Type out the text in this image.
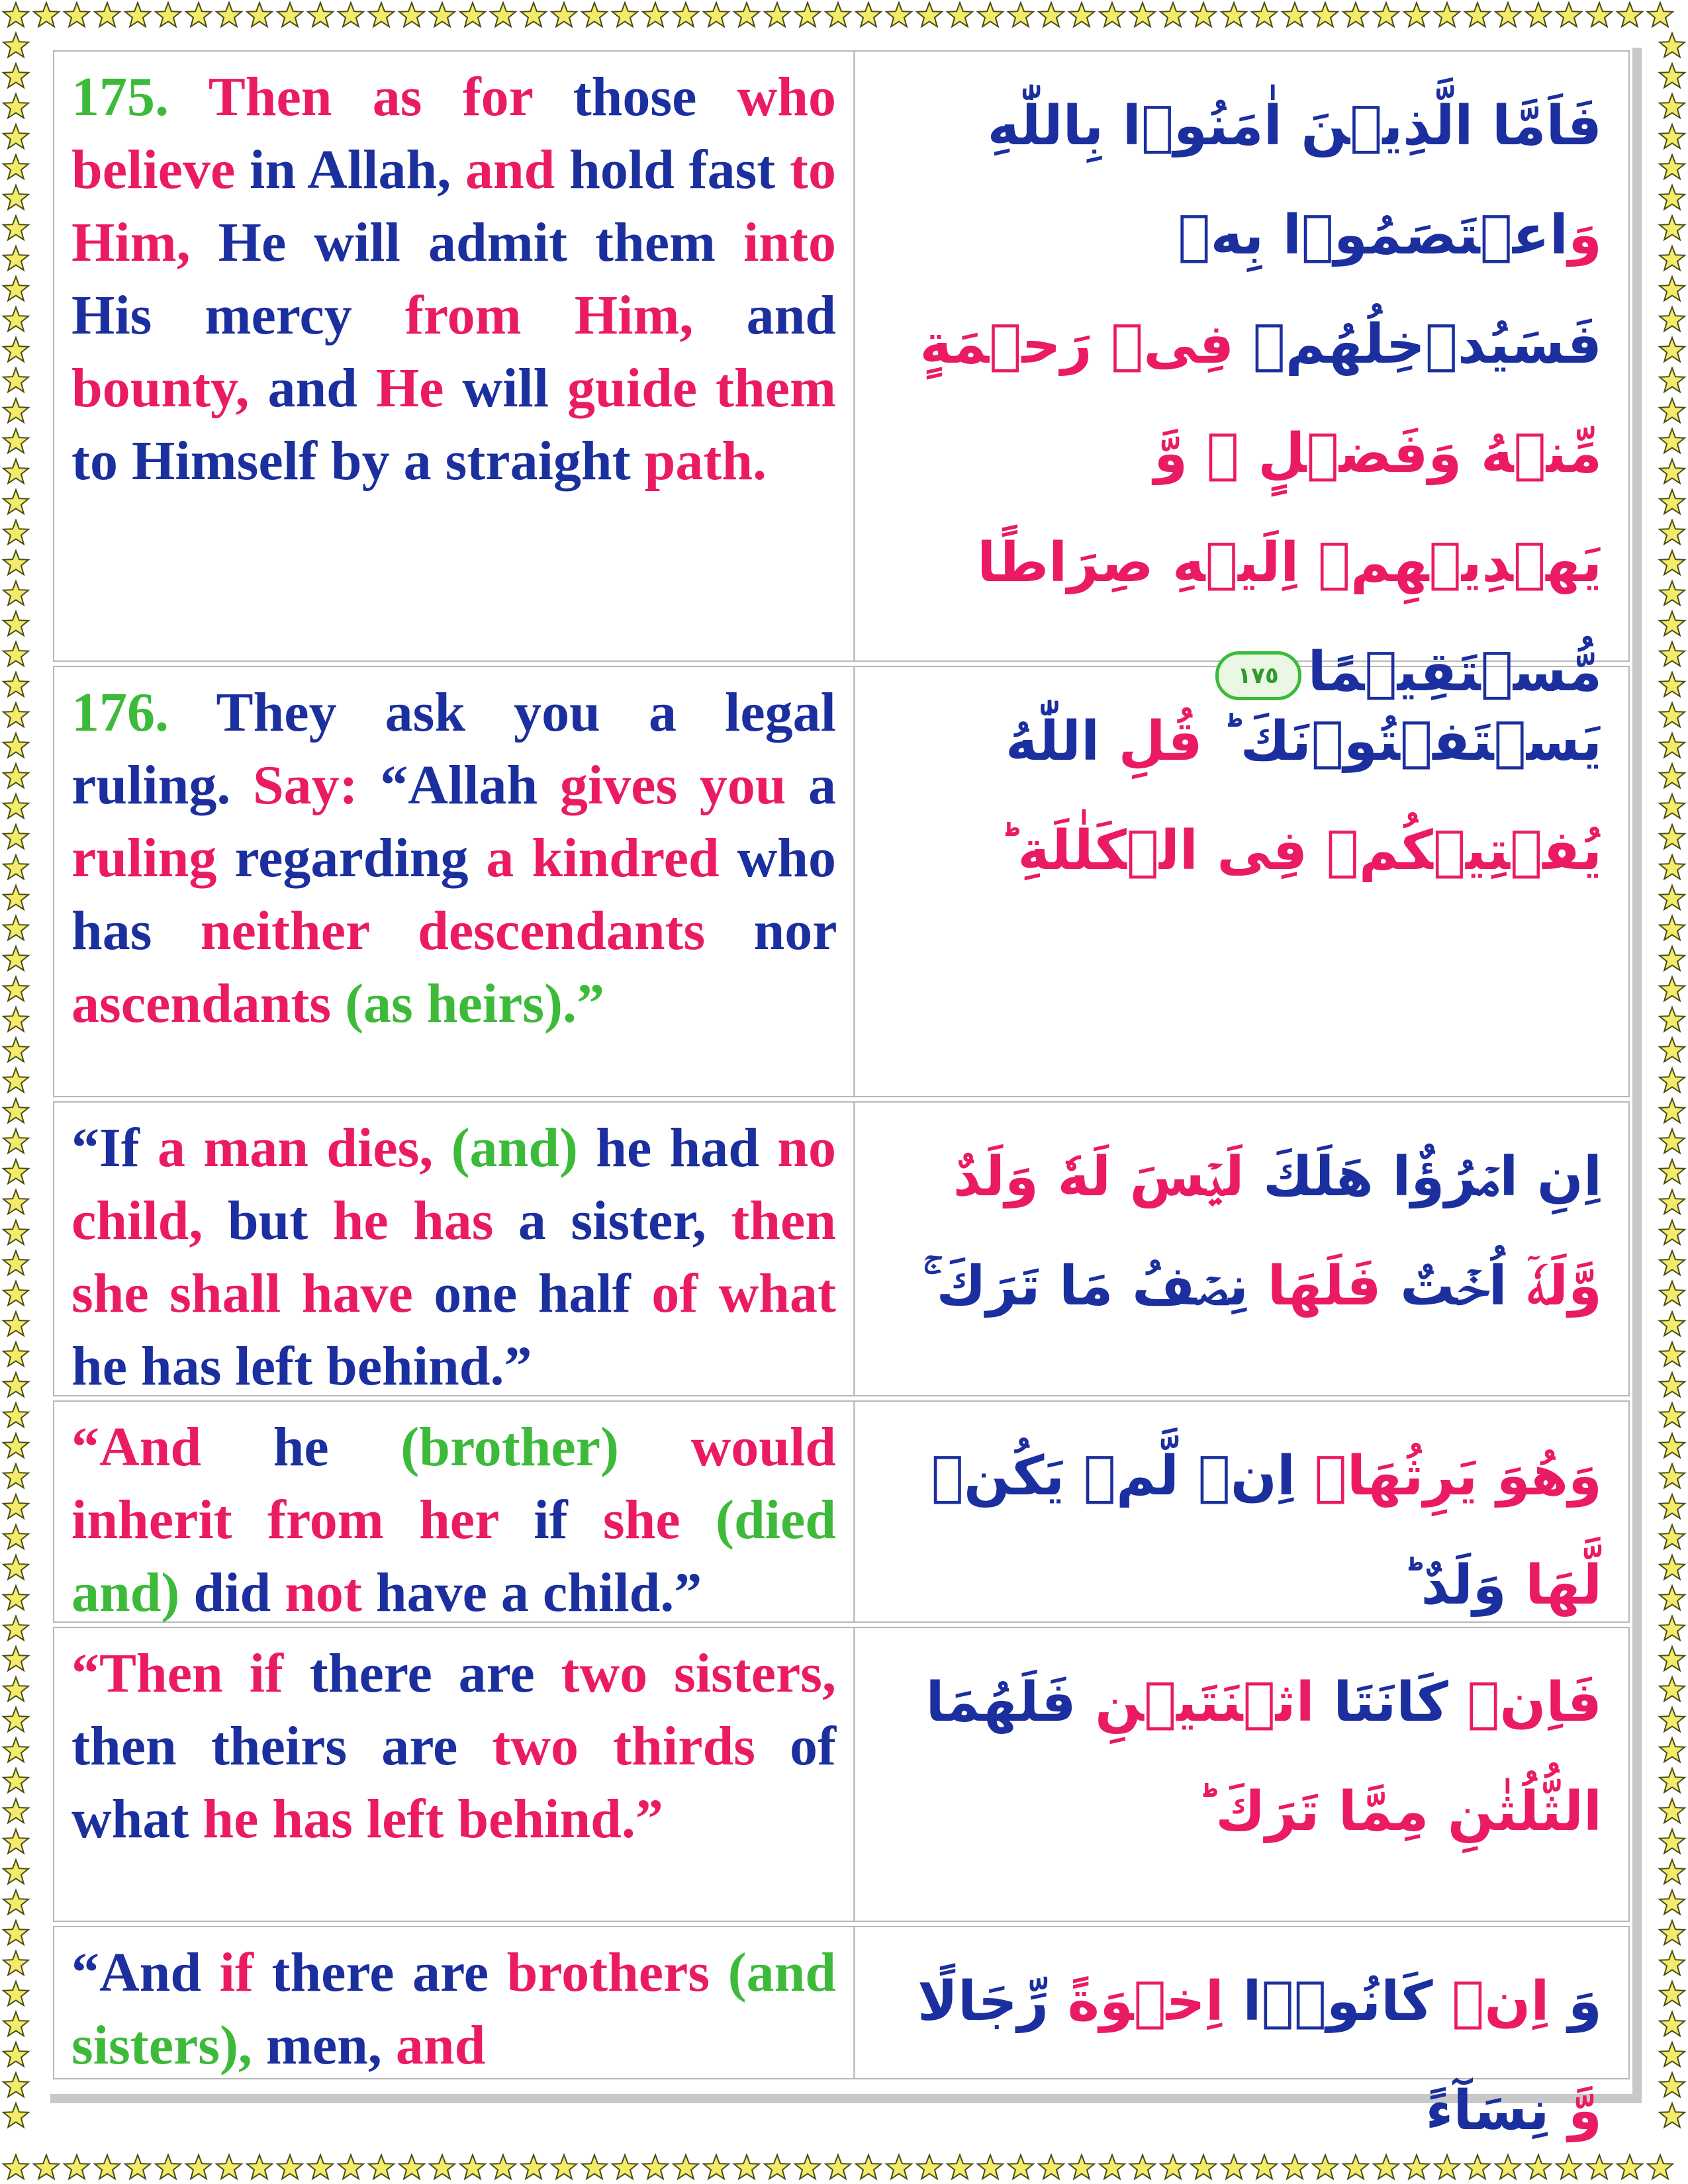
175. Then as for those who believe in Allah, and hold fast to Him, He will admit them into His mercy from Him, and bounty, and He will guide them to Himself by a straight path.
فَاَمَّا الَّذِيۡنَ اٰمَنُوۡا بِاللّٰهِ وَاعۡتَصَمُوۡا بِهٖ فَسَيُدۡخِلُهُمۡ فِىۡ رَحۡمَةٍ مِّنۡهُ وَفَضۡلٍ ۙ وَّ يَهۡدِيۡهِمۡ اِلَيۡهِ صِرَاطًا مُّسۡتَقِيۡمًا١٧٥
176. They ask you a legal ruling. Say: “Allah gives you a ruling regarding a kindred who has neither descendants nor ascendants (as heirs).”
يَسۡتَفۡتُوۡنَكَ ؕ قُلِ اللّٰهُ يُفۡتِيۡكُمۡ فِى الۡكَلٰلَةِ ؕ
“If a man dies, (and) he had no child, but he has a sister, then she shall have one half of what he has left behind.”
اِنِ امۡرُؤٌا هَلَكَ لَيۡسَ لَهٗ وَلَدٌ وَّلَهٗۤ اُخۡتٌ فَلَهَا نِصۡفُ مَا تَرَكَ ۚ
“And he (brother) would inherit from her if she (died and) did not have a child.”
وَهُوَ يَرِثُهَاۤ اِنۡ لَّمۡ يَكُنۡ لَّهَا وَلَدٌ ؕ
“Then if there are two sisters, then theirs are two thirds of what he has left behind.”
فَاِنۡ كَانَتَا اثۡنَتَيۡنِ فَلَهُمَا الثُّلُثٰنِ مِمَّا تَرَكَ ؕ
“And if there are brothers (and sisters), men, and
وَ اِنۡ كَانُوۡۤا اِخۡوَةً رِّجَالًا وَّ نِسَآءً
